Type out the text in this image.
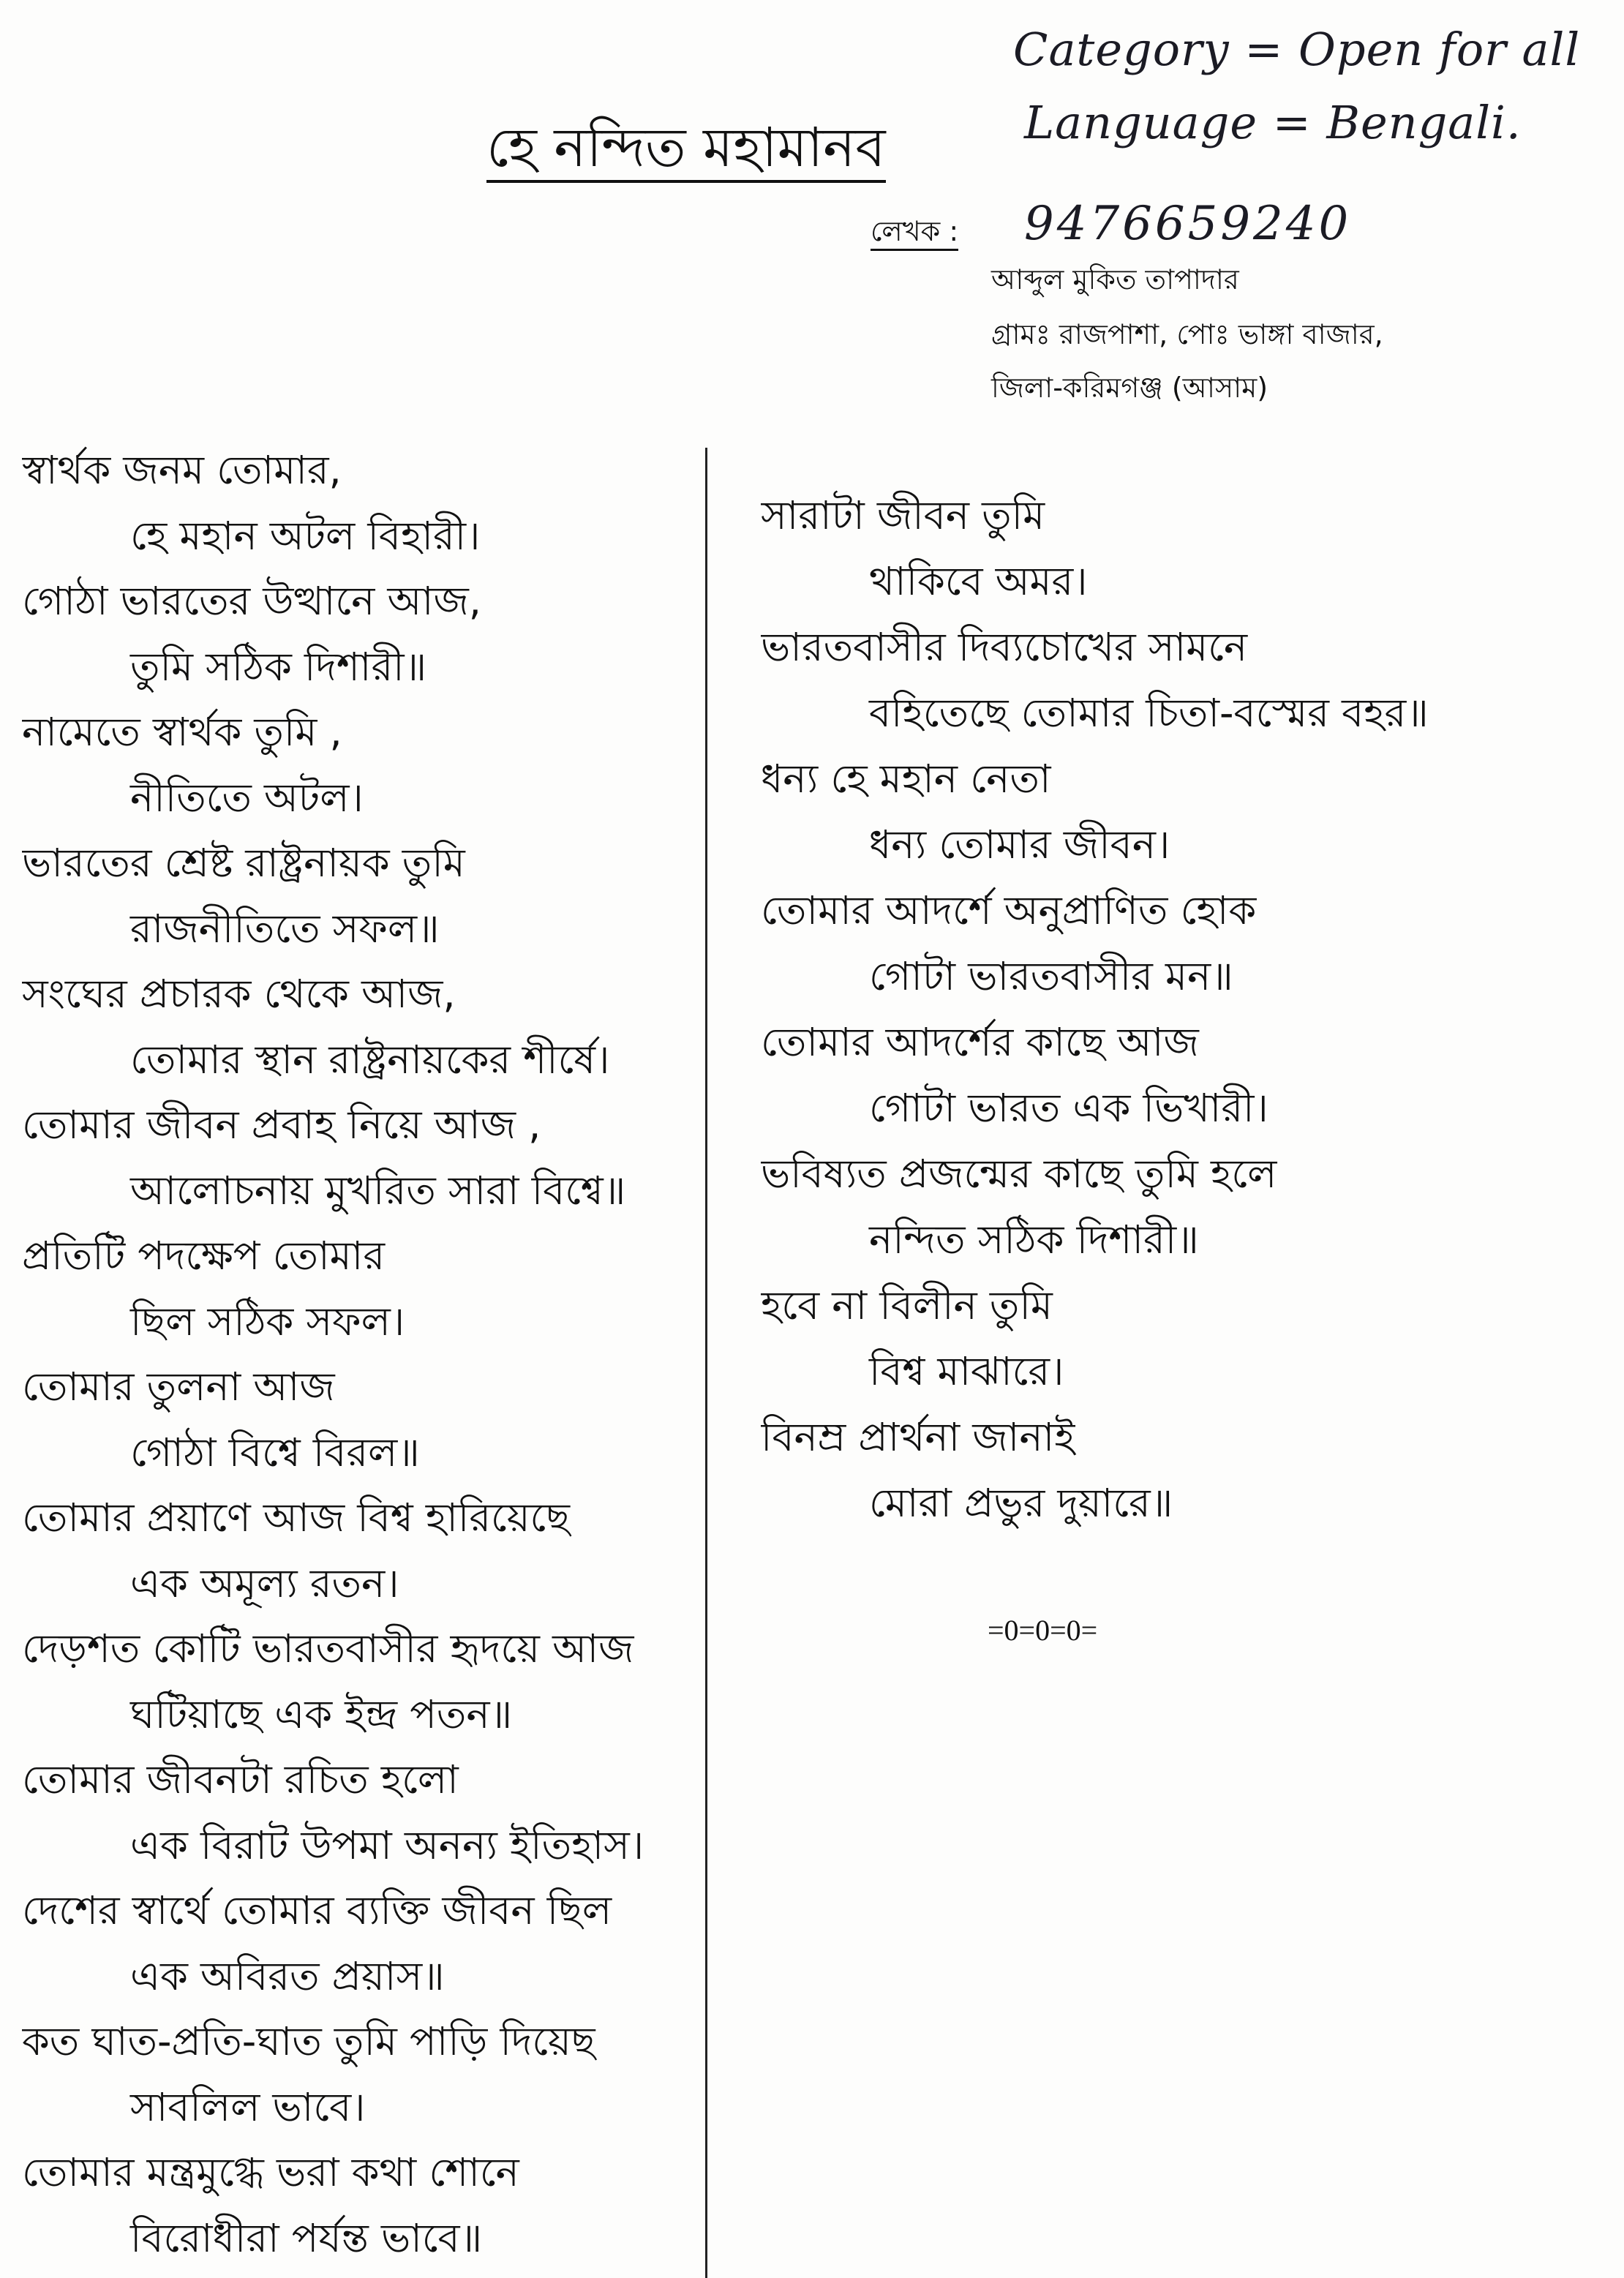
Category = Open for all
Language = Bengali.
হে নন্দিত মহামানব
লেখক : 9476659240
আব্দুল মুকিত তাপাদার
গ্রামঃ রাজপাশা, পোঃ ভাঙ্গা বাজার,
জিলা-করিমগঞ্জ (আসাম)
স্বার্থক জনম তোমার,
হে মহান অটল বিহারী।
গোঠা ভারতের উত্থানে আজ,
তুমি সঠিক দিশারী॥
নামেতে স্বার্থক তুমি ,
নীতিতে অটল।
ভারতের শ্রেষ্ট রাষ্ট্রনায়ক তুমি
রাজনীতিতে সফল॥
সংঘের প্রচারক থেকে আজ,
তোমার স্থান রাষ্ট্রনায়কের শীর্ষে।
তোমার জীবন প্রবাহ নিয়ে আজ ,
আলোচনায় মুখরিত সারা বিশ্বে॥
প্রতিটি পদক্ষেপ তোমার
ছিল সঠিক সফল।
তোমার তুলনা আজ
গোঠা বিশ্বে বিরল॥
তোমার প্রয়াণে আজ বিশ্ব হারিয়েছে
এক অমূল্য রতন।
দেড়শত কোটি ভারতবাসীর হৃদয়ে আজ
ঘটিয়াছে এক ইন্দ্র পতন॥
তোমার জীবনটা রচিত হলো
এক বিরাট উপমা অনন্য ইতিহাস।
দেশের স্বার্থে তোমার ব্যক্তি জীবন ছিল
এক অবিরত প্রয়াস॥
কত ঘাত-প্রতি-ঘাত তুমি পাড়ি দিয়েছ
সাবলিল ভাবে।
তোমার মন্ত্রমুগ্ধে ভরা কথা শোনে
বিরোধীরা পর্যন্ত ভাবে॥
সারাটা জীবন তুমি
থাকিবে অমর।
ভারতবাসীর দিব্যচোখের সামনে
বহিতেছে তোমার চিতা-বস্মের বহর॥
ধন্য হে মহান নেতা
ধন্য তোমার জীবন।
তোমার আদর্শে অনুপ্রাণিত হোক
গোটা ভারতবাসীর মন॥
তোমার আদর্শের কাছে আজ
গোটা ভারত এক ভিখারী।
ভবিষ্যত প্রজন্মের কাছে তুমি হলে
নন্দিত সঠিক দিশারী॥
হবে না বিলীন তুমি
বিশ্ব মাঝারে।
বিনম্র প্রার্থনা জানাই
মোরা প্রভুর দুয়ারে॥
=0=0=0=
